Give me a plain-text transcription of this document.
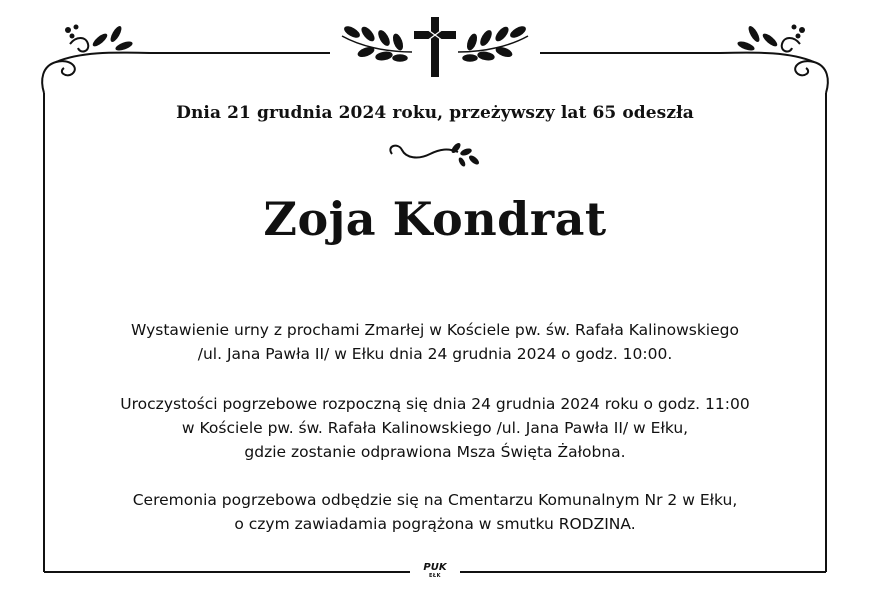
Dnia 21 grudnia 2024 roku, przeżywszy lat 65 odeszła
Zoja Kondrat
Wystawienie urny z prochami Zmarłej w Kościele pw. św. Rafała Kalinowskiego
/ul. Jana Pawła II/ w Ełku dnia 24 grudnia 2024 o godz. 10:00.
Uroczystości pogrzebowe rozpoczną się dnia 24 grudnia 2024 roku o godz. 11:00
w Kościele pw. św. Rafała Kalinowskiego /ul. Jana Pawła II/ w Ełku,
gdzie zostanie odprawiona Msza Święta Żałobna.
Ceremonia pogrzebowa odbędzie się na Cmentarzu Komunalnym Nr 2 w Ełku,
o czym zawiadamia pogrążona w smutku RODZINA.
PUK
EŁK
